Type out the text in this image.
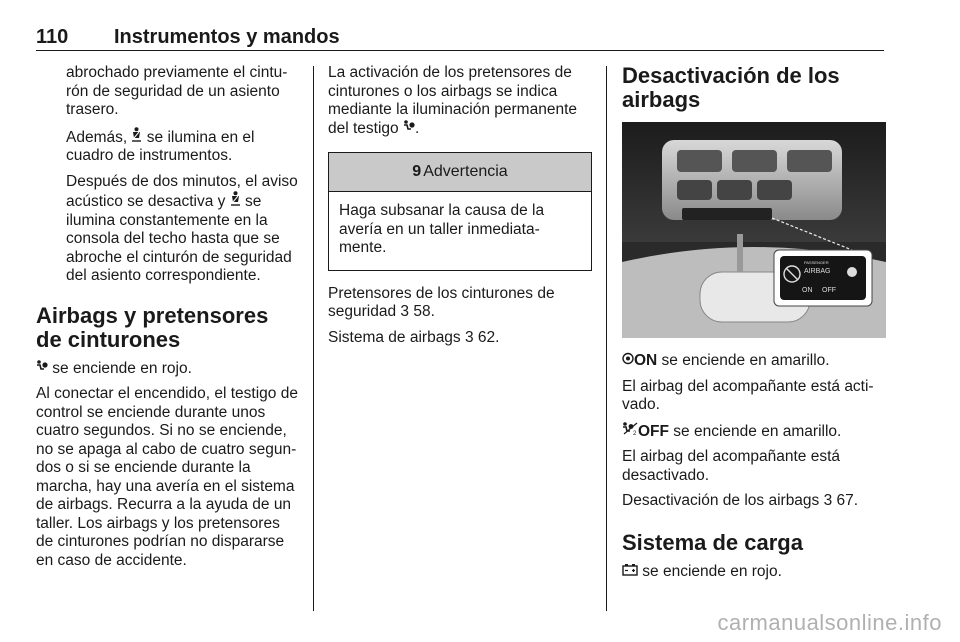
110 Instrumentos y mandos

abrochado previamente el cintu-rón de seguridad de un asiento trasero.

Además,  se ilumina en el cuadro de instrumentos.

Después de dos minutos, el aviso acústico se desactiva y  se ilumina constantemente en la consola del techo hasta que se abroche el cinturón de seguridad del asiento correspondiente.

Airbags y pretensores de cinturones

se enciende en rojo.

Al conectar el encendido, el testigo de control se enciende durante unos cuatro segundos. Si no se enciende, no se apaga al cabo de cuatro segun-dos o si se enciende durante la marcha, hay una avería en el sistema de airbags. Recurra a la ayuda de un taller. Los airbags y los pretensores de cinturones podrían no dispararse en caso de accidente.

La activación de los pretensores de cinturones o los airbags se indica mediante la iluminación permanente del testigo .

9 Advertencia
Haga subsanar la causa de la avería en un taller inmediata-mente.

Pretensores de los cinturones de seguridad 3 58.

Sistema de airbags 3 62.

Desactivación de los airbags
PASSENGER
AIRBAG
ON OFF

ON se enciende en amarillo.

El airbag del acompañante está acti-vado.

2 OFF se enciende en amarillo.

El airbag del acompañante está desactivado.

Desactivación de los airbags 3 67.

Sistema de carga

se enciende en rojo.

carmanualsonline.info
